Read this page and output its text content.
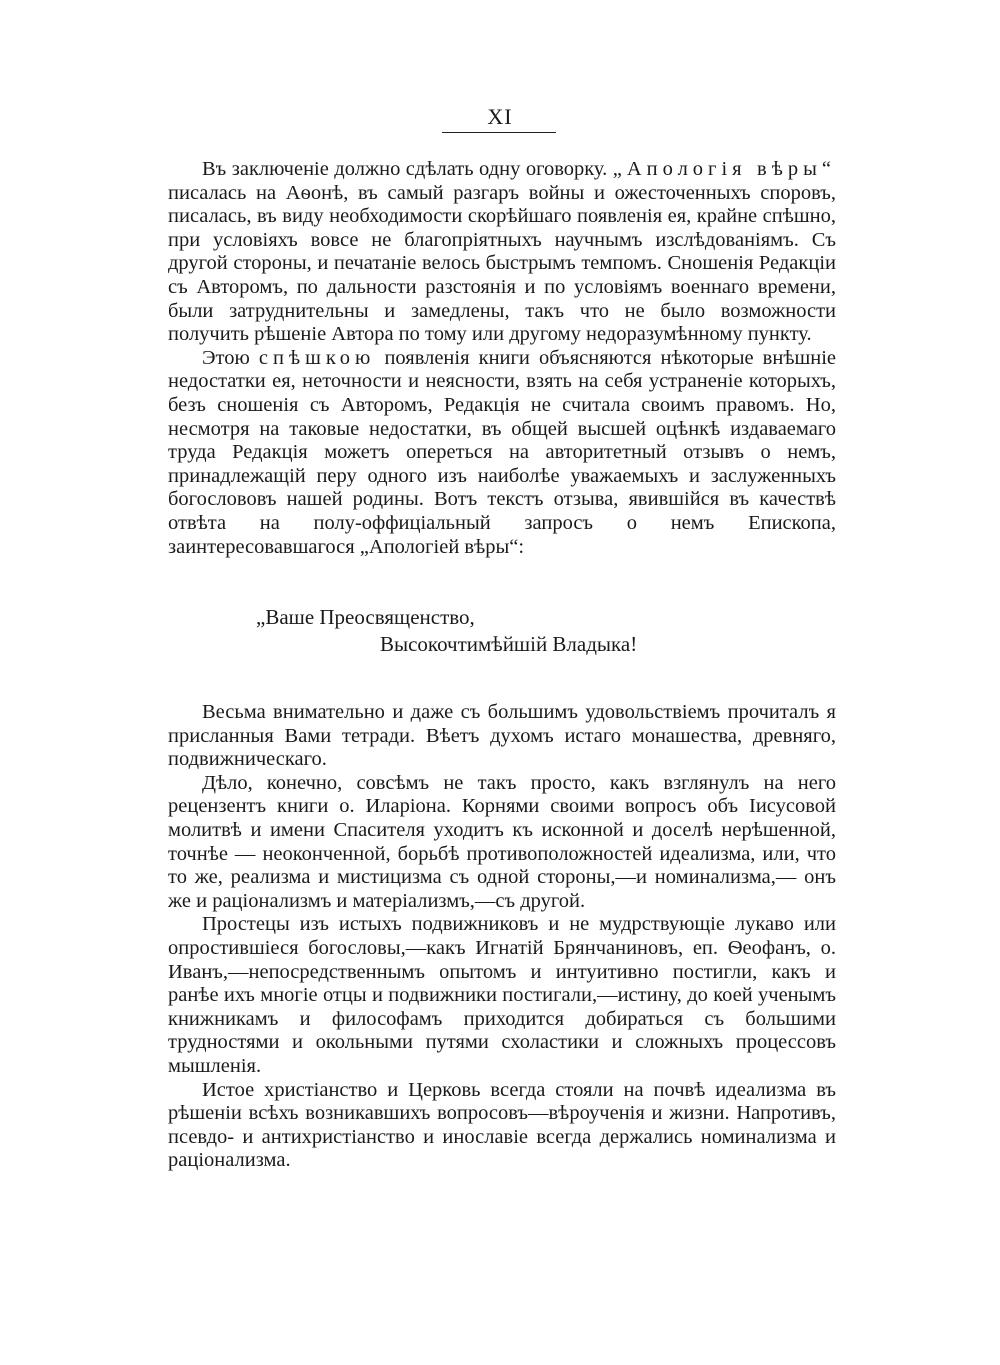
XI

Въ заключеніе должно сдѣлать одну оговорку. „Апологія вѣры“ писалась на Аѳонѣ, въ самый разгаръ войны и ожесточенныхъ споровъ, писалась, въ виду необходимости скорѣйшаго появленія ея, крайне спѣшно, при условіяхъ вовсе не благопріятныхъ научнымъ изслѣдованіямъ. Съ другой стороны, и печатаніе велось быстрымъ темпомъ. Сношенія Редакціи съ Авторомъ, по дальности разстоянія и по условіямъ военнаго времени, были затруднительны и замедлены, такъ что не было возможности получить рѣшеніе Автора по тому или другому недоразумѣнному пункту.

Этою спѣшкою появленія книги объясняются нѣкоторые внѣшніе недостатки ея, неточности и неясности, взять на себя устраненіе которыхъ, безъ сношенія съ Авторомъ, Редакція не считала своимъ правомъ. Но, несмотря на таковые недостатки, въ общей высшей оцѣнкѣ издаваемаго труда Редакція можетъ опереться на авторитетный отзывъ о немъ, принадлежащій перу одного изъ наиболѣе уважаемыхъ и заслуженныхъ богослововъ нашей родины. Вотъ текстъ отзыва, явившійся въ качествѣ отвѣта на полу-оффиціальный запросъ о немъ Епископа, заинтересовавшагося „Апологіей вѣры“:

„Ваше Преосвященство,
Высокочтимѣйшій Владыка!

Весьма внимательно и даже съ большимъ удовольствіемъ прочиталъ я присланныя Вами тетради. Вѣетъ духомъ истаго монашества, древняго, подвижническаго.

Дѣло, конечно, совсѣмъ не такъ просто, какъ взглянулъ на него рецензентъ книги о. Иларіона. Корнями своими вопросъ объ Іисусовой молитвѣ и имени Спасителя уходитъ къ исконной и доселѣ нерѣшенной, точнѣе — неоконченной, борьбѣ противоположностей идеализма, или, что то же, реализма и мистицизма съ одной стороны,—и номинализма,— онъ же и раціонализмъ и матеріализмъ,—съ другой.

Простецы изъ истыхъ подвижниковъ и не мудрствующіе лукаво или опростившіеся богословы,—какъ Игнатій Брянчаниновъ, еп. Ѳеофанъ, о. Иванъ,—непосредственнымъ опытомъ и интуитивно постигли, какъ и ранѣе ихъ многіе отцы и подвижники постигали,—истину, до коей ученымъ книжникамъ и философамъ приходится добираться съ большими трудностями и окольными путями схоластики и сложныхъ процессовъ мышленія.

Истое христіанство и Церковь всегда стояли на почвѣ идеализма въ рѣшеніи всѣхъ возникавшихъ вопросовъ—вѣроученія и жизни. Напротивъ, псевдо- и антихристіанство и инославіе всегда держались номинализма и раціонализма.
